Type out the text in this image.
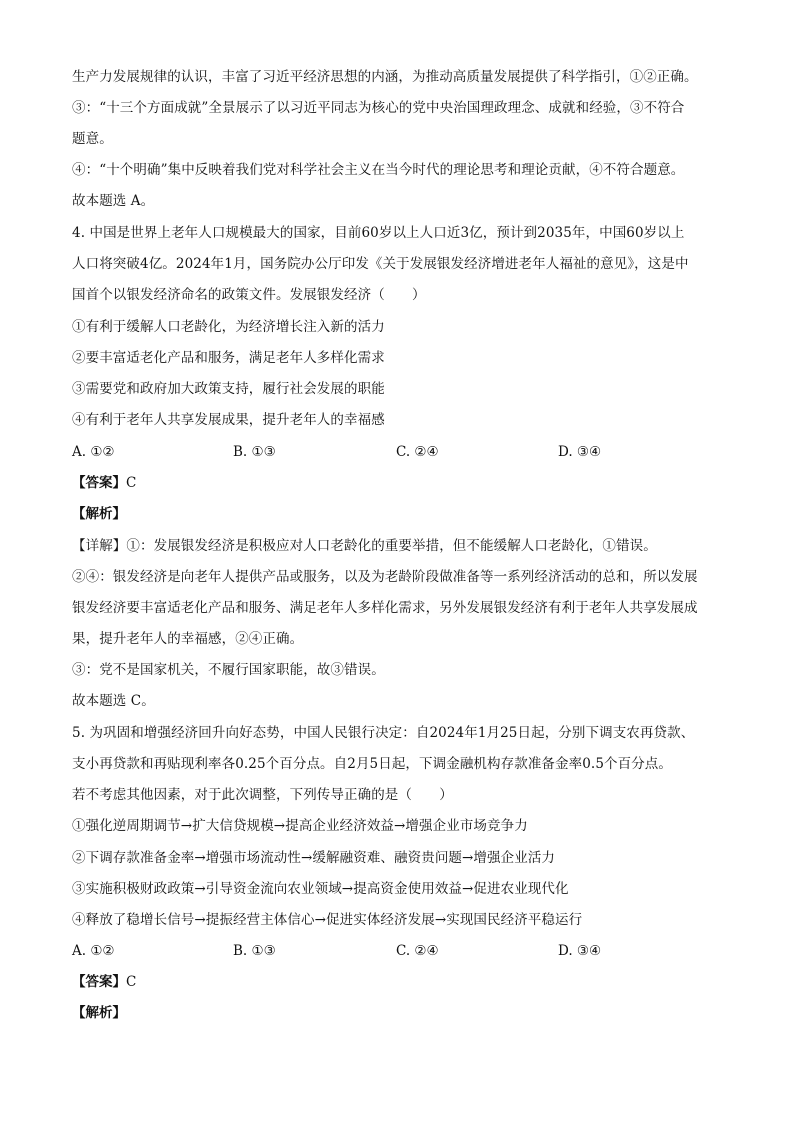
生产力发展规律的认识，丰富了习近平经济思想的内涵，为推动高质量发展提供了科学指引，①②正确。
③：“十三个方面成就”全景展示了以习近平同志为核心的党中央治国理政理念、成就和经验，③不符合
题意。
④：“十个明确”集中反映着我们党对科学社会主义在当今时代的理论思考和理论贡献，④不符合题意。
故本题选 A。
4. 中国是世界上老年人口规模最大的国家，目前60岁以上人口近3亿，预计到2035年，中国60岁以上
人口将突破4亿。2024年1月，国务院办公厅印发《关于发展银发经济增进老年人福祉的意见》，这是中
国首个以银发经济命名的政策文件。发展银发经济（　　）
①有利于缓解人口老龄化，为经济增长注入新的活力
②要丰富适老化产品和服务，满足老年人多样化需求
③需要党和政府加大政策支持，履行社会发展的职能
④有利于老年人共享发展成果，提升老年人的幸福感
A. ①②	B. ①③	C. ②④	D. ③④
【答案】C
【解析】
【详解】①：发展银发经济是积极应对人口老龄化的重要举措，但不能缓解人口老龄化，①错误。
②④：银发经济是向老年人提供产品或服务，以及为老龄阶段做准备等一系列经济活动的总和，所以发展
银发经济要丰富适老化产品和服务、满足老年人多样化需求，另外发展银发经济有利于老年人共享发展成
果，提升老年人的幸福感，②④正确。
③：党不是国家机关，不履行国家职能，故③错误。
故本题选 C。
5. 为巩固和增强经济回升向好态势，中国人民银行决定：自2024年1月25日起，分别下调支农再贷款、
支小再贷款和再贴现利率各0.25个百分点。自2月5日起，下调金融机构存款准备金率0.5个百分点。
若不考虑其他因素，对于此次调整，下列传导正确的是（　　）
①强化逆周期调节→扩大信贷规模→提高企业经济效益→增强企业市场竞争力
②下调存款准备金率→增强市场流动性→缓解融资难、融资贵问题→增强企业活力
③实施积极财政政策→引导资金流向农业领域→提高资金使用效益→促进农业现代化
④释放了稳增长信号→提振经营主体信心→促进实体经济发展→实现国民经济平稳运行
A. ①②	B. ①③	C. ②④	D. ③④
【答案】C
【解析】
